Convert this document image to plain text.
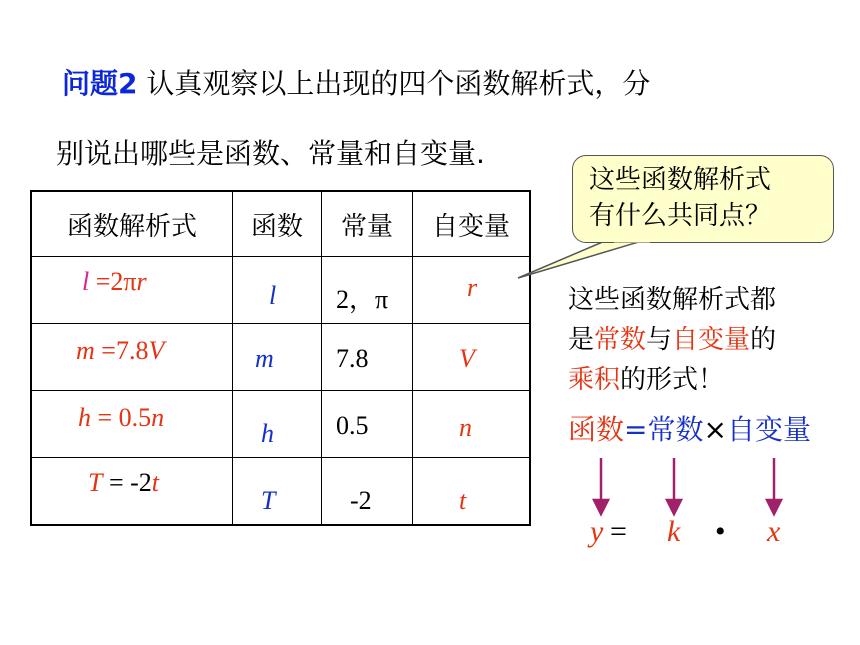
问题2 认真观察以上出现的四个函数解析式，分
别说出哪些是函数、常量和自变量.
函数解析式	函数	常量	自变量

l =2πr	l	2，π	r

m =7.8V	m	7.8	V

h = 0.5n	h	0.5	n

T = -2t	T	-2	t
这些函数解析式
有什么共同点？
这些函数解析式都
是常数与自变量的
乘积的形式！
函数=常数×自变量
y = k • x
